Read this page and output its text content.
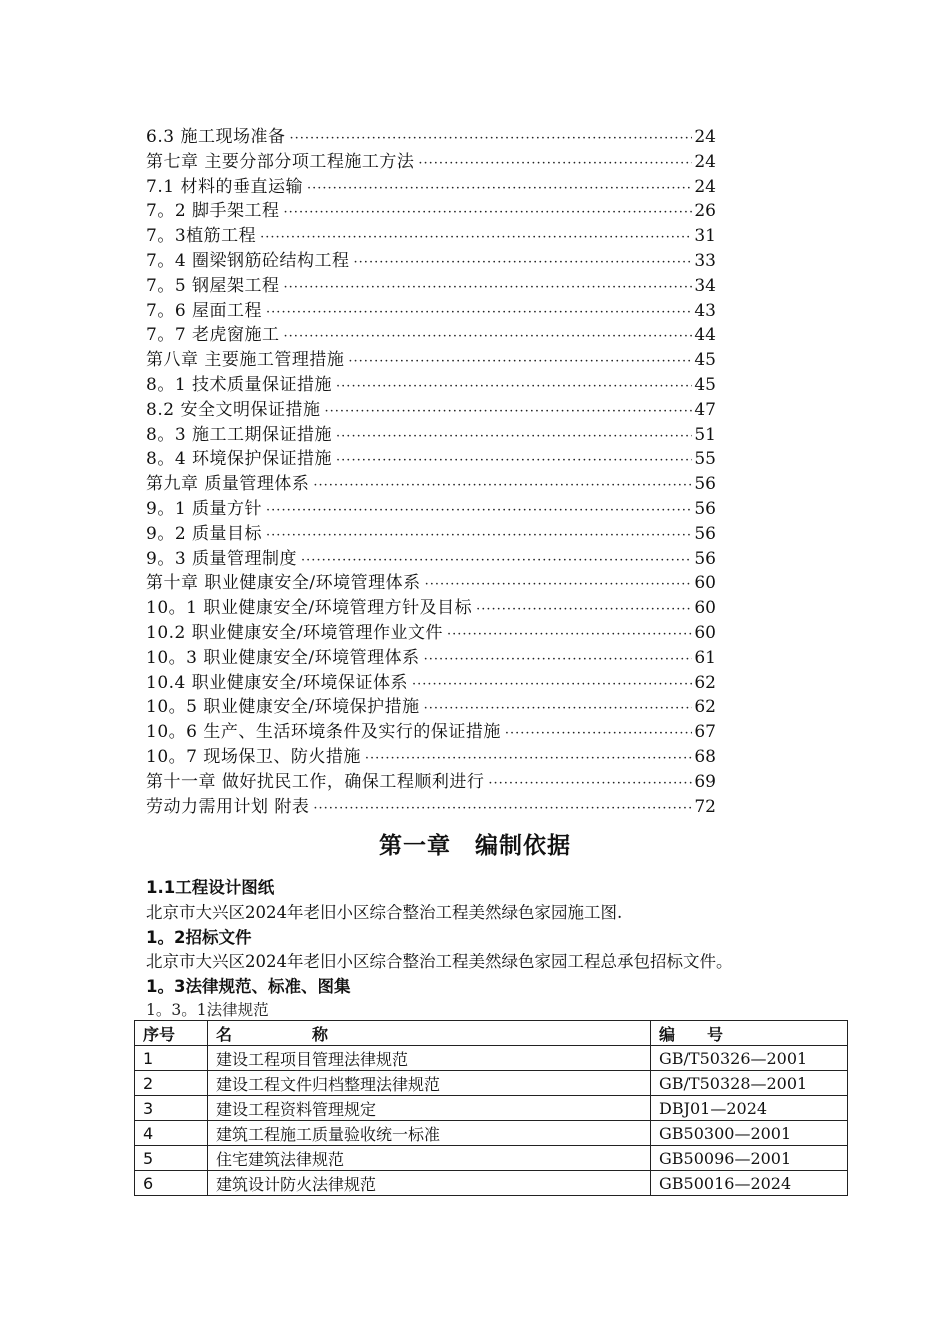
6.3 施工现场准备 ·····	24
第七章 主要分部分项工程施工方法 ·····	24
7.1 材料的垂直运输 ·····	24
7。2 脚手架工程 ·····	26
7。3植筋工程 ·····	31
7。4 圈梁钢筋砼结构工程 ·····	33
7。5 钢屋架工程 ·····	34
7。6 屋面工程 ·····	43
7。7 老虎窗施工 ·····	44
第八章 主要施工管理措施 ·····	45
8。1 技术质量保证措施 ·····	45
8.2 安全文明保证措施 ·····	47
8。3 施工工期保证措施 ·····	51
8。4 环境保护保证措施 ·····	55
第九章 质量管理体系 ·····	56
9。1 质量方针 ·····	56
9。2 质量目标 ·····	56
9。3 质量管理制度 ·····	56
第十章 职业健康安全/环境管理体系 ·····	60
10。1 职业健康安全/环境管理方针及目标 ·····	60
10.2 职业健康安全/环境管理作业文件 ·····	60
10。3 职业健康安全/环境管理体系 ·····	61
10.4 职业健康安全/环境保证体系 ·····	62
10。5 职业健康安全/环境保护措施 ·····	62
10。6 生产、生活环境条件及实行的保证措施 ·····	67
10。7 现场保卫、防火措施 ·····	68
第十一章 做好扰民工作，确保工程顺利进行 ·····	69
劳动力需用计划 附表 ·····	72
第一章　编制依据
1.1工程设计图纸
北京市大兴区2024年老旧小区综合整治工程美然绿色家园施工图.
1。2招标文件
北京市大兴区2024年老旧小区综合整治工程美然绿色家园工程总承包招标文件。
1。3法律规范、标准、图集
1。3。1法律规范
序号	名　　　　　称	编　　号
1	建设工程项目管理法律规范	GB/T50326—2001
2	建设工程文件归档整理法律规范	GB/T50328—2001
3	建设工程资料管理规定	DBJ01—2024
4	建筑工程施工质量验收统一标准	GB50300—2001
5	住宅建筑法律规范	GB50096—2001
6	建筑设计防火法律规范	GB50016—2024
